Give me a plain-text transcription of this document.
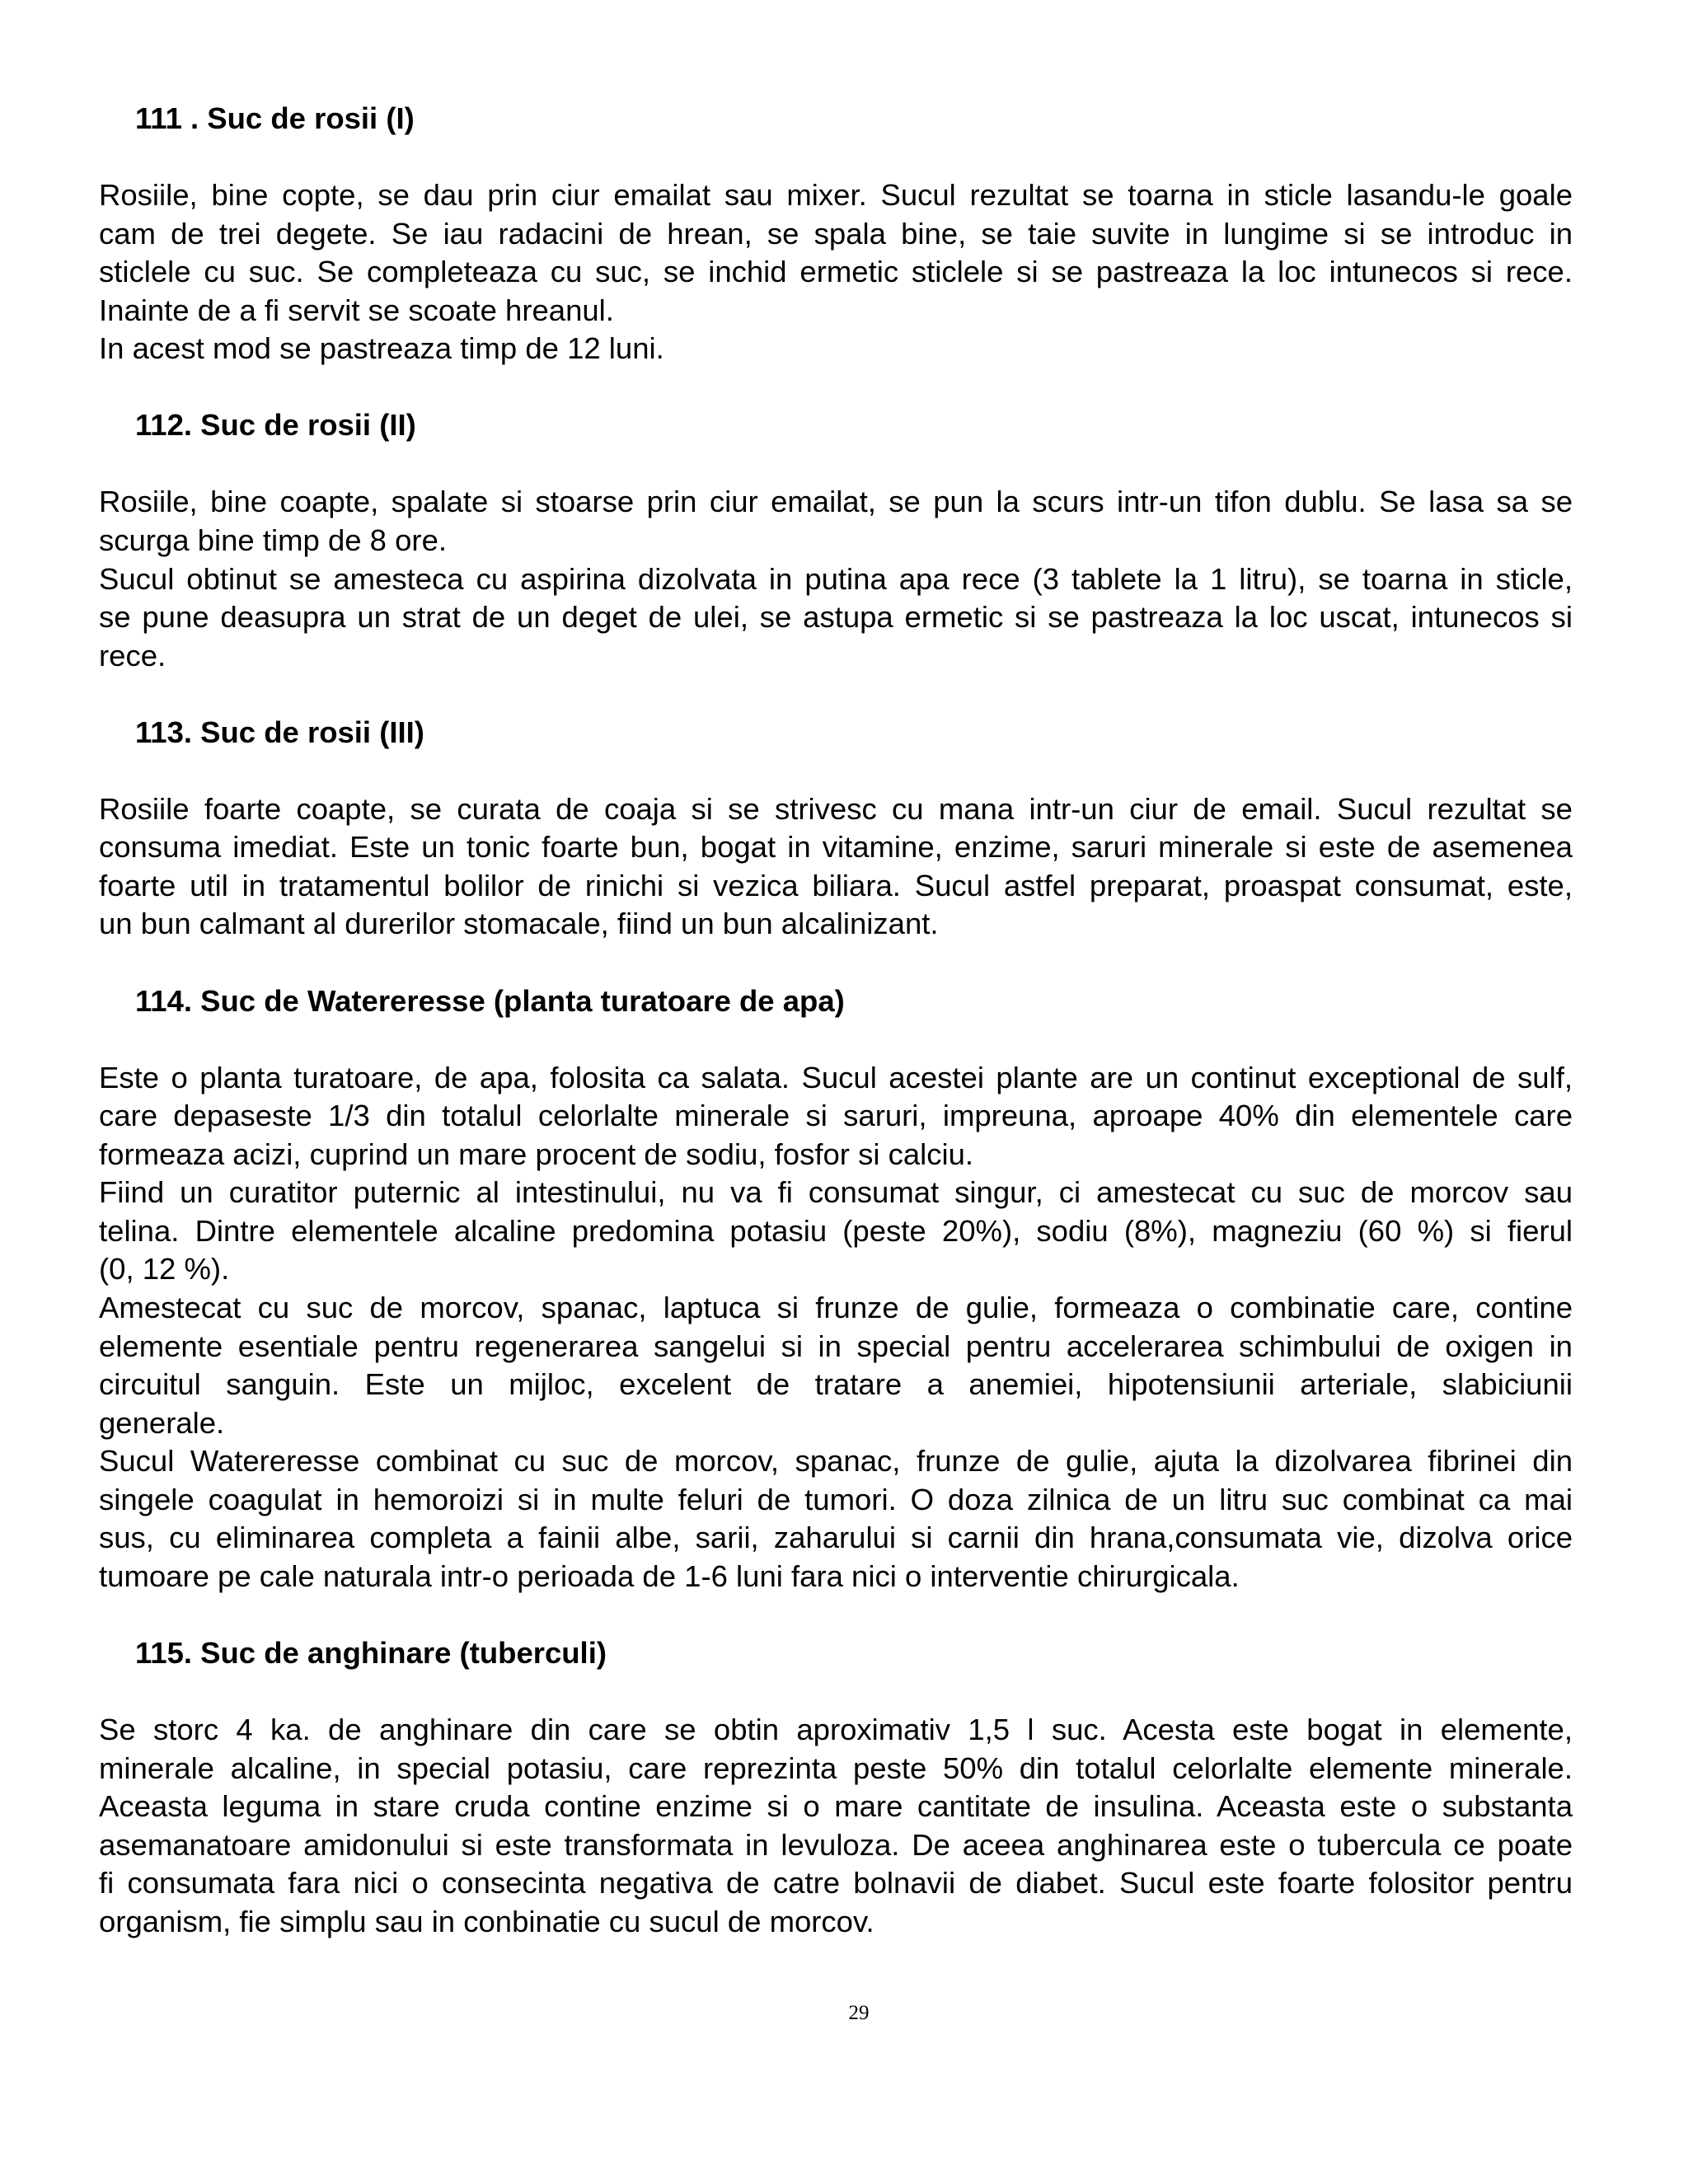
111 . Suc de rosii (I)
Rosiile, bine copte, se dau prin ciur emailat sau mixer. Sucul rezultat se toarna in sticle lasandu-le goale
cam de trei degete. Se iau radacini de hrean, se spala bine, se taie suvite in lungime si se introduc in
sticlele cu suc. Se completeaza cu suc, se inchid ermetic sticlele si se pastreaza la loc intunecos si rece.
Inainte de a fi servit se scoate hreanul.
In acest mod se pastreaza timp de 12 luni.
112. Suc de rosii (II)
Rosiile, bine coapte, spalate si stoarse prin ciur emailat, se pun la scurs intr-un tifon dublu. Se lasa sa se
scurga bine timp de 8 ore.
Sucul obtinut se amesteca cu aspirina dizolvata in putina apa rece (3 tablete la 1 litru), se toarna in sticle,
se pune deasupra un strat de un deget de ulei, se astupa ermetic si se pastreaza la loc uscat, intunecos si
rece.
113. Suc de rosii (III)
Rosiile foarte coapte, se curata de coaja si se strivesc cu mana intr-un ciur de email. Sucul rezultat se
consuma imediat. Este un tonic foarte bun, bogat in vitamine, enzime, saruri minerale si este de asemenea
foarte util in tratamentul bolilor de rinichi si vezica biliara. Sucul astfel preparat, proaspat consumat, este,
un bun calmant al durerilor stomacale, fiind un bun alcalinizant.
114. Suc de Watereresse (planta turatoare de apa)
Este o planta turatoare, de apa, folosita ca salata. Sucul acestei plante are un continut exceptional de sulf,
care depaseste 1/3 din totalul celorlalte minerale si saruri, impreuna, aproape 40% din elementele care
formeaza acizi, cuprind un mare procent de sodiu, fosfor si calciu.
Fiind un curatitor puternic al intestinului, nu va fi consumat singur, ci amestecat cu suc de morcov sau
telina. Dintre elementele alcaline predomina potasiu (peste 20%), sodiu (8%), magneziu (60 %) si fierul
(0, 12 %).
Amestecat cu suc de morcov, spanac, laptuca si frunze de gulie, formeaza o combinatie care, contine
elemente esentiale pentru regenerarea sangelui si in special pentru accelerarea schimbului de oxigen in
circuitul sanguin. Este un mijloc, excelent de tratare a anemiei, hipotensiunii arteriale, slabiciunii
generale.
Sucul Watereresse combinat cu suc de morcov, spanac, frunze de gulie, ajuta la dizolvarea fibrinei din
singele coagulat in hemoroizi si in multe feluri de tumori. O doza zilnica de un litru suc combinat ca mai
sus, cu eliminarea completa a fainii albe, sarii, zaharului si carnii din hrana,consumata vie, dizolva orice
tumoare pe cale naturala intr-o perioada de 1-6 luni fara nici o interventie chirurgicala.
115. Suc de anghinare (tuberculi)
Se storc 4 ka. de anghinare din care se obtin aproximativ 1,5 l suc. Acesta este bogat in elemente,
minerale alcaline, in special potasiu, care reprezinta peste 50% din totalul celorlalte elemente minerale.
Aceasta leguma in stare cruda contine enzime si o mare cantitate de insulina. Aceasta este o substanta
asemanatoare amidonului si este transformata in levuloza. De aceea anghinarea este o tubercula ce poate
fi consumata fara nici o consecinta negativa de catre bolnavii de diabet. Sucul este foarte folositor pentru
organism, fie simplu sau in conbinatie cu sucul de morcov.
29
